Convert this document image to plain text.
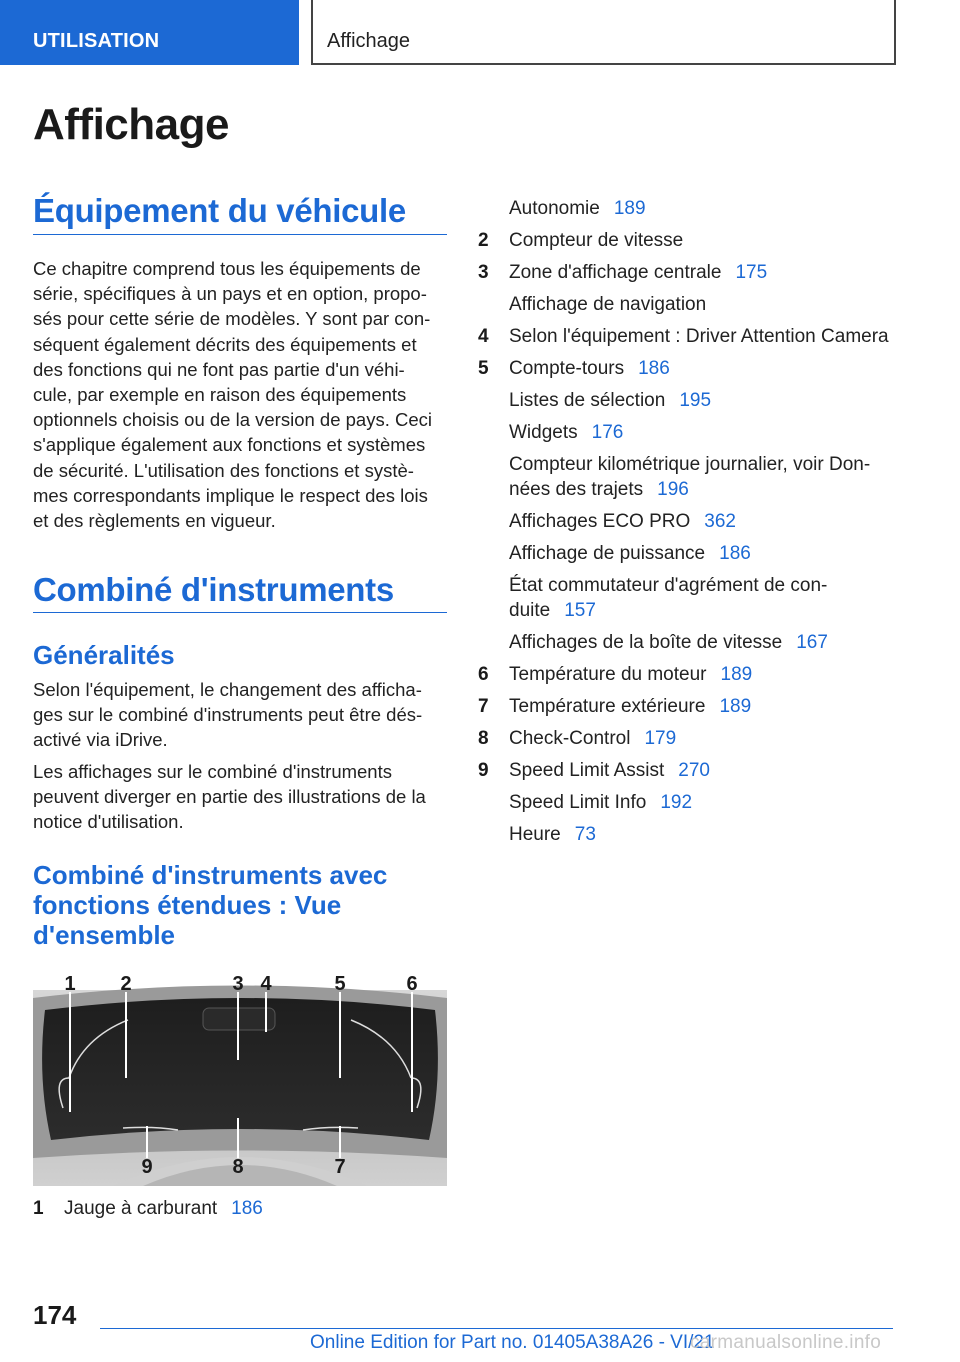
UTILISATION	Affichage
Affichage
Équipement du véhicule
Ce chapitre comprend tous les équipements de
série, spécifiques à un pays et en option, propo‐
sés pour cette série de modèles. Y sont par con‐
séquent également décrits des équipements et
des fonctions qui ne font pas partie d'un véhi‐
cule, par exemple en raison des équipements
optionnels choisis ou de la version de pays. Ceci
s'applique également aux fonctions et systèmes
de sécurité. L'utilisation des fonctions et systè‐
mes correspondants implique le respect des lois
et des règlements en vigueur.
Combiné d'instruments
Généralités
Selon l'équipement, le changement des afficha‐
ges sur le combiné d'instruments peut être dés‐
activé via iDrive.
Les affichages sur le combiné d'instruments
peuvent diverger en partie des illustrations de la
notice d'utilisation.
Combiné d'instruments avec
fonctions étendues : Vue
d'ensemble
1 2	3 4	5	6
9	8	7
1 Jauge à carburant 186
Autonomie 189
2 Compteur de vitesse
3 Zone d'affichage centrale 175
Affichage de navigation
4 Selon l'équipement : Driver Attention Camera
5 Compte-tours 186
Listes de sélection 195
Widgets 176
Compteur kilométrique journalier, voir Don‐
nées des trajets 196
Affichages ECO PRO 362
Affichage de puissance 186
État commutateur d'agrément de con‐
duite 157
Affichages de la boîte de vitesse 167
6 Température du moteur 189
7 Température extérieure 189
8 Check-Control 179
9 Speed Limit Assist 270
Speed Limit Info 192
Heure 73
174
Online Edition for Part no. 01405A38A26 - VI/21
carmanualsonline.info
